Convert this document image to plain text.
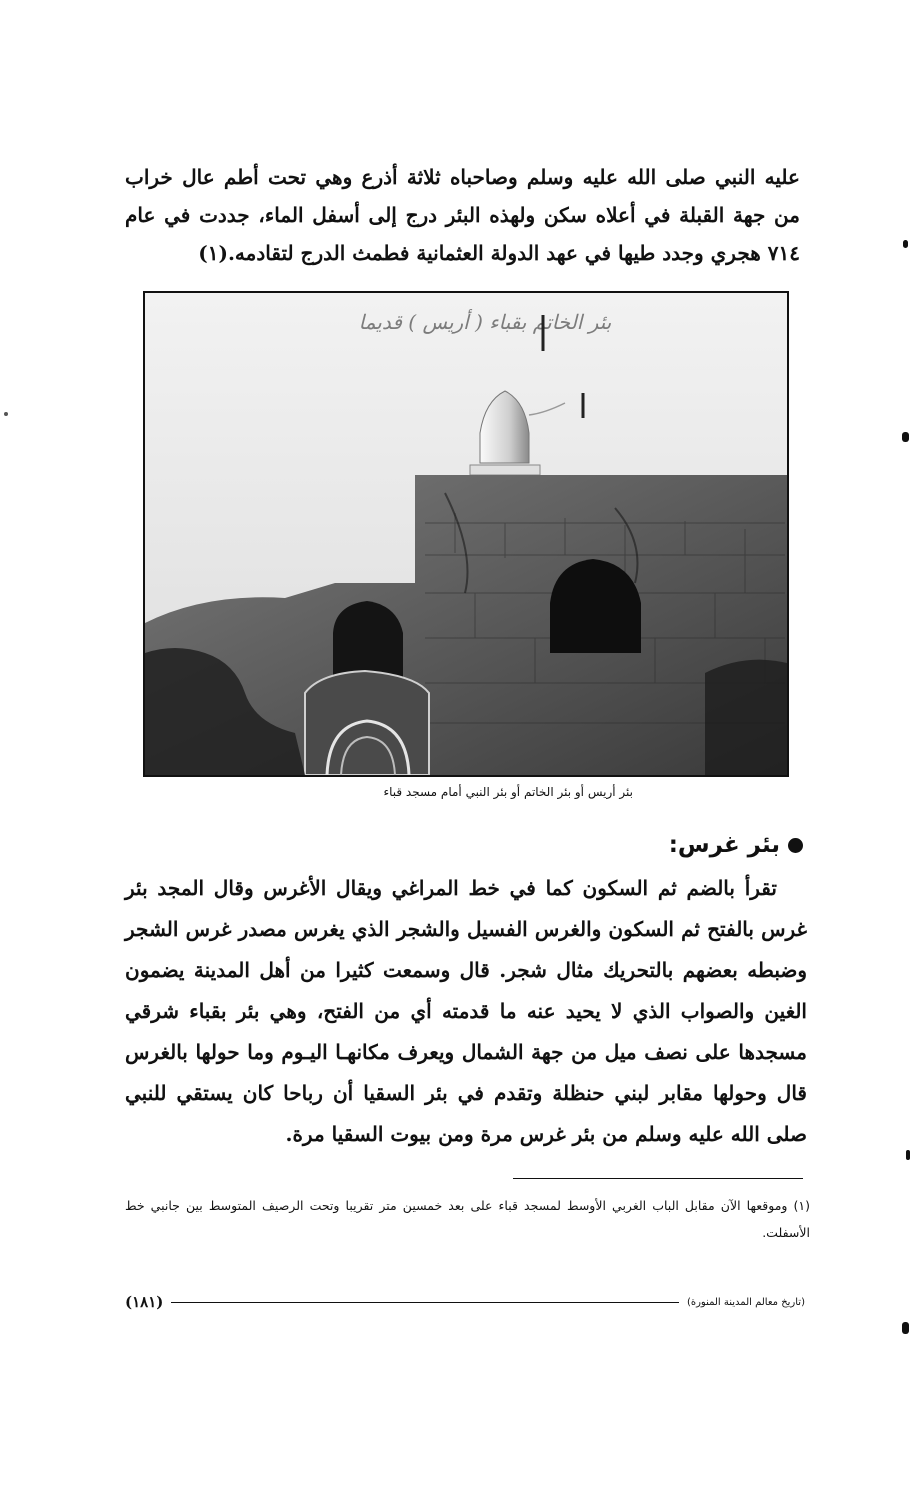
عليه النبي صلى الله عليه وسلم وصاحباه ثلاثة أذرع وهي تحت أطم عال خراب من جهة القبلة في أعلاه سكن ولهذه البئر درج إلى أسفل الماء، جددت في عام ٧١٤ هجري وجدد طيها في عهد الدولة العثمانية فطمث الدرج لتقادمه.(١)
بئر الخاتم بقباء ( أريس ) قديما
بئر أريس أو بئر الخاتم أو بئر النبي أمام مسجد قباء
بئر غرس:

تقرأ بالضم ثم السكون كما في خط المراغي ويقال الأغرس وقال المجد بئر غرس بالفتح ثم السكون والغرس الفسيل والشجر الذي يغرس مصدر غرس الشجر وضبطه بعضهم بالتحريك مثال شجر. قال وسمعت كثيرا من أهل المدينة يضمون الغين والصواب الذي لا يحيد عنه ما قدمته أي من الفتح، وهي بئر بقباء شرقي مسجدها على نصف ميل من جهة الشمال ويعرف مكانهـا اليـوم وما حولها بالغرس قال وحولها مقابر لبني حنظلة وتقدم في بئر السقيا أن رباحا كان يستقي للنبي صلى الله عليه وسلم من بئر غرس مرة ومن بيوت السقيا مرة.

(١) وموقعها الآن مقابل الباب الغربي الأوسط لمسجد قباء على بعد خمسين متر تقريبا وتحت الرصيف المتوسط بين جانبي خط الأسفلت.
(تاريخ معالم المدينة المنورة)
(١٨١)
